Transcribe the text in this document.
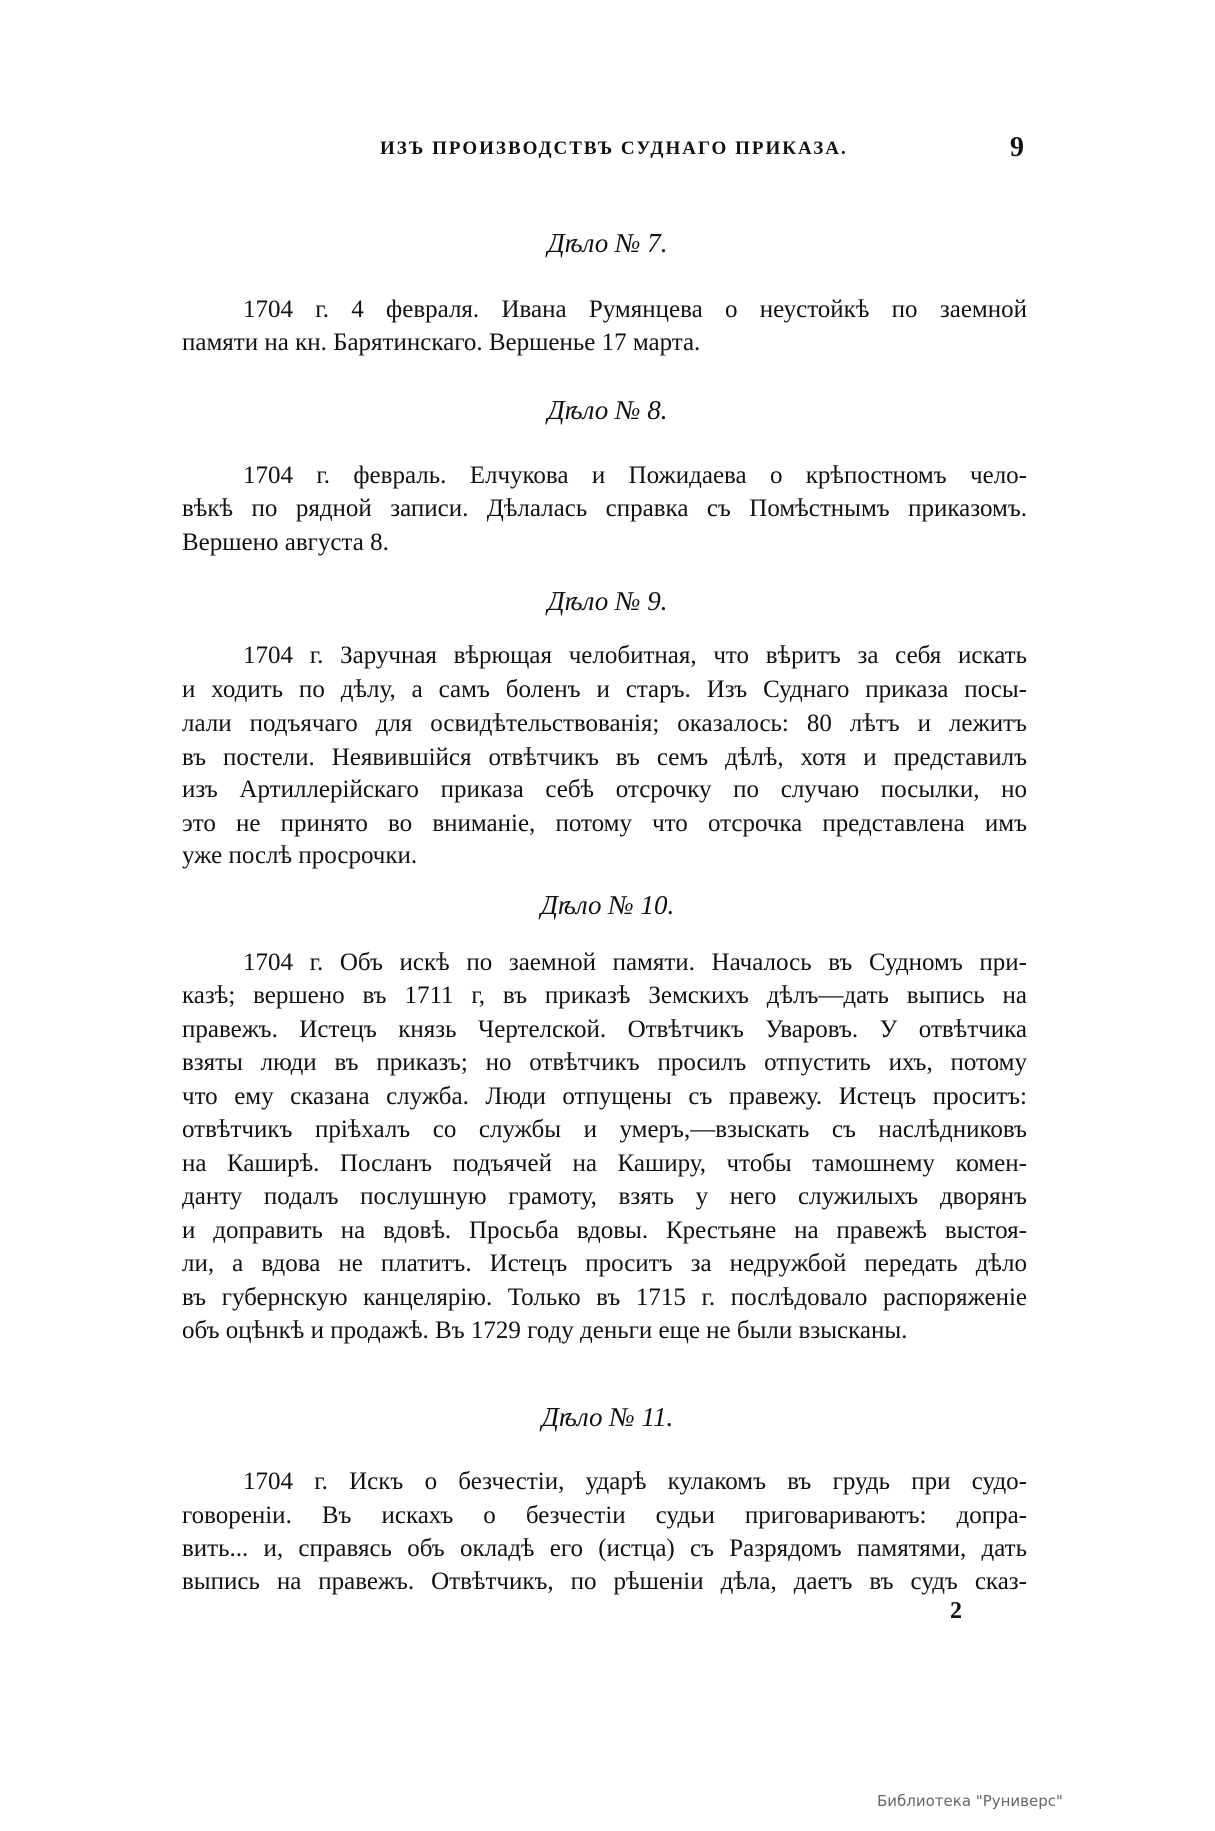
ИЗЪ ПРОИЗВОДСТВЪ СУДНАГО ПРИКАЗА.	9
Дѣло № 7.
1704 г. 4 февраля. Ивана Румянцева о неустойкѣ по заемной
памяти на кн. Барятинскаго. Вершенье 17 марта.
Дѣло № 8.
1704 г. февраль. Елчукова и Пожидаева о крѣпостномъ чело-
вѣкѣ по рядной записи. Дѣлалась справка съ Помѣстнымъ приказомъ.
Вершено августа 8.
Дѣло № 9.
1704 г. Заручная вѣрющая челобитная, что вѣритъ за себя искать
и ходить по дѣлу, а самъ боленъ и старъ. Изъ Суднаго приказа посы-
лали подъячаго для освидѣтельствованія; оказалось: 80 лѣтъ и лежитъ
въ постели. Неявившійся отвѣтчикъ въ семъ дѣлѣ, хотя и представилъ
изъ Артиллерійскаго приказа себѣ отсрочку по случаю посылки, но
это не принято во вниманіе, потому что отсрочка представлена имъ
уже послѣ просрочки.
Дѣло № 10.
1704 г. Объ искѣ по заемной памяти. Началось въ Судномъ при-
казѣ; вершено въ 1711 г, въ приказѣ Земскихъ дѣлъ—дать выпись на
правежъ. Истецъ князь Чертелской. Отвѣтчикъ Уваровъ. У отвѣтчика
взяты люди въ приказъ; но отвѣтчикъ просилъ отпустить ихъ, потому
что ему сказана служба. Люди отпущены съ правежу. Истецъ проситъ:
отвѣтчикъ пріѣхалъ со службы и умеръ,—взыскать съ наслѣдниковъ
на Каширѣ. Посланъ подъячей на Каширу, чтобы тамошнему комен-
данту подалъ послушную грамоту, взять у него служилыхъ дворянъ
и доправить на вдовѣ. Просьба вдовы. Крестьяне на правежѣ выстоя-
ли, а вдова не платитъ. Истецъ проситъ за недружбой передать дѣло
въ губернскую канцелярію. Только въ 1715 г. послѣдовало распоряженіе
объ оцѣнкѣ и продажѣ. Въ 1729 году деньги еще не были взысканы.
Дѣло № 11.
1704 г. Искъ о безчестіи, ударѣ кулакомъ въ грудь при судо-
говореніи. Въ искахъ о безчестіи судьи приговариваютъ: допра-
вить... и, справясь объ окладѣ его (истца) съ Разрядомъ памятями, дать
выпись на правежъ. Отвѣтчикъ, по рѣшеніи дѣла, даетъ въ судъ сказ-
2
Библиотека "Руниверс"
